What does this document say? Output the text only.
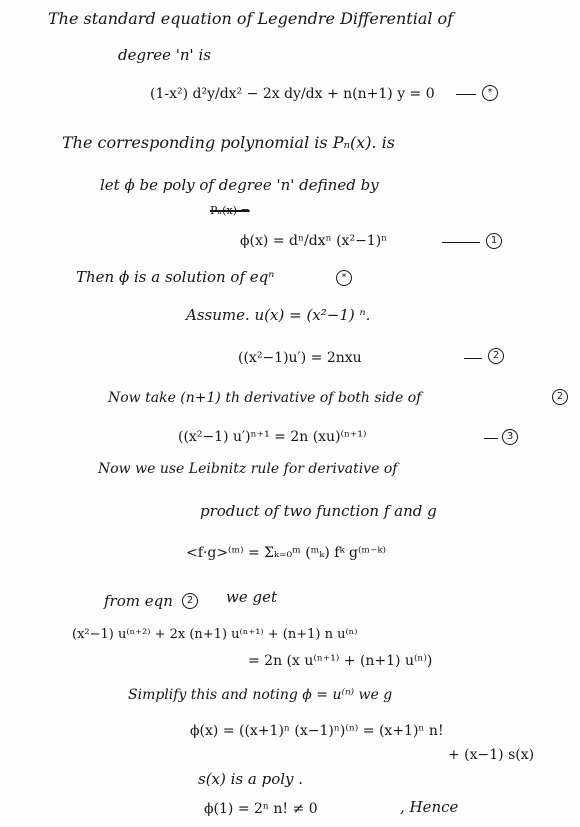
The standard equation of Legendre Differential of
degree 'n' is
(1-x²) d²y/dx² − 2x dy/dx + n(n+1) y = 0	*
The corresponding polynomial is Pₙ(x). is
let ϕ be poly of degree 'n' defined by
Pₙ(x) =
ϕ(x) = dⁿ/dxⁿ (x²−1)ⁿ	1
Then ϕ is a solution of eqⁿ	*
Assume. u(x) = (x²−1) ⁿ.
((x²−1)u′) = 2nxu	2
Now take (n+1) th derivative of both side of	2
((x²−1) u′)ⁿ⁺¹ = 2n (xu)⁽ⁿ⁺¹⁾	3
Now we use Leibnitz rule for derivative of
product of two function f and g
<f·g>⁽ᵐ⁾ = Σₖ₌₀ᵐ (ᵐₖ) fᵏ g⁽ᵐ⁻ᵏ⁾
from eqn	2	we get
(x²−1) u⁽ⁿ⁺²⁾ + 2x (n+1) u⁽ⁿ⁺¹⁾ + (n+1) n u⁽ⁿ⁾
= 2n (x u⁽ⁿ⁺¹⁾ + (n+1) u⁽ⁿ⁾)
Simplify this and noting ϕ = u⁽ⁿ⁾ we g
ϕ(x) = ((x+1)ⁿ (x−1)ⁿ)⁽ⁿ⁾ = (x+1)ⁿ n!
+ (x−1) s(x)
s(x) is a poly .
ϕ(1) = 2ⁿ n! ≠ 0	, Hence
